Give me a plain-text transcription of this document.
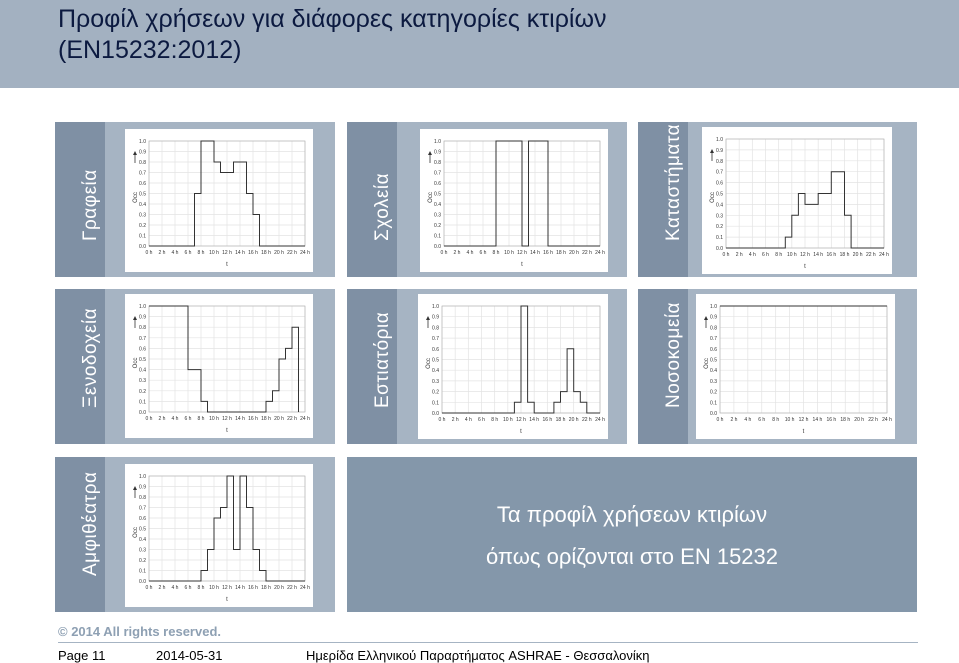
Προφίλ χρήσεων για διάφορες κατηγορίες κτιρίων
(EN15232:2012)
Γραφεία
0.0
0.1
0.2
0.3
0.4
0.5
0.6
0.7
0.8
0.9
1.0
0 h 2 h 4 h 6 h 8 h 10 h 12 h 14 h 16 h 18 h 20 h 22 h 24 h
Occ
t
Σχολεία
0.0
0.1
0.2
0.3
0.4
0.5
0.6
0.7
0.8
0.9
1.0
0 h 2 h 4 h 6 h 8 h 10 h 12 h 14 h 16 h 18 h 20 h 22 h 24 h
Occ
t
Καταστήματα
0.0
0.1
0.2
0.3
0.4
0.5
0.6
0.7
0.8
0.9
1.0
0 h 2 h 4 h 6 h 8 h 10 h 12 h 14 h 16 h 18 h 20 h 22 h 24 h
Occ
t
Ξενοδοχεία
0.0
0.1
0.2
0.3
0.4
0.5
0.6
0.7
0.8
0.9
1.0
0 h 2 h 4 h 6 h 8 h 10 h 12 h 14 h 16 h 18 h 20 h 22 h 24 h
Occ
t
Εστιατόρια
0.0
0.1
0.2
0.3
0.4
0.5
0.6
0.7
0.8
0.9
1.0
0 h 2 h 4 h 6 h 8 h 10 h 12 h 14 h 16 h 18 h 20 h 22 h 24 h
Occ
t
Νοσοκομεία
0.0
0.1
0.2
0.3
0.4
0.5
0.6
0.7
0.8
0.9
1.0
0 h 2 h 4 h 6 h 8 h 10 h 12 h 14 h 16 h 18 h 20 h 22 h 24 h
Occ
t
Αμφιθέατρα
0.0
0.1
0.2
0.3
0.4
0.5
0.6
0.7
0.8
0.9
1.0
0 h 2 h 4 h 6 h 8 h 10 h 12 h 14 h 16 h 18 h 20 h 22 h 24 h
Occ
t
Τα προφίλ χρήσεων κτιρίων
όπως ορίζονται στο EN 15232
© 2014 All rights reserved.
Page 11	2014-05-31	Ημερίδα Ελληνικού Παραρτήματος ASHRAE - Θεσσαλονίκη
